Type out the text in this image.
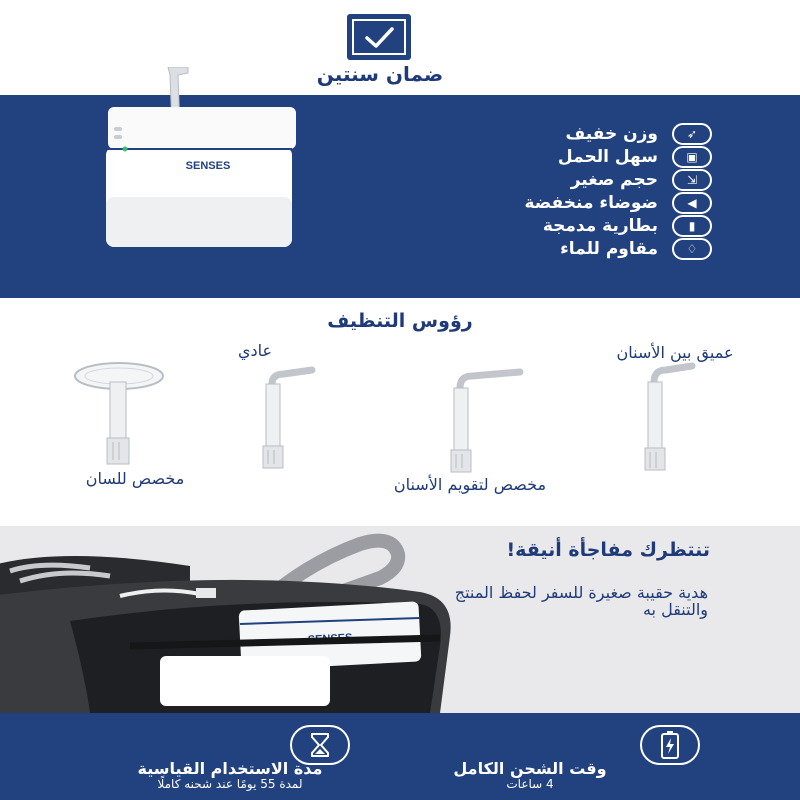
ضمان سنتين
SENSES
➶
وزن خفيف
▣
سهل الحمل
⇲
حجم صغير
◀
ضوضاء منخفضة
▮
بطارية مدمجة
♢
مقاوم للماء
رؤوس التنظيف
عميق بين الأسنان
مخصص لتقويم الأسنان
عادي
مخصص للسان
تنتظرك مفاجأة أنيقة!
هدية حقيبة صغيرة للسفر لحفظ المنتج والتنقل به
وقت الشحن الكامل
4 ساعات
مدة الاستخدام القياسية
لمدة 55 يومًا عند شحنه كاملًا
